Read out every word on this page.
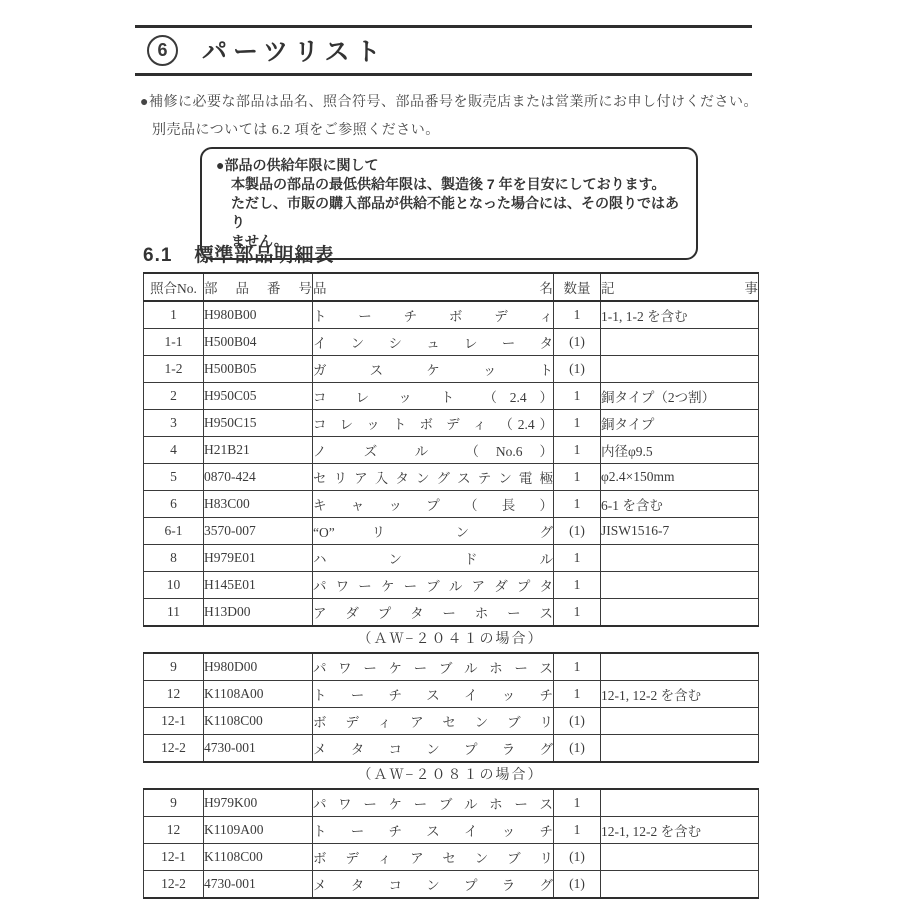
6	パーツリスト
●補修に必要な部品は品名、照合符号、部品番号を販売店または営業所にお申し付けください。
別売品については 6.2 項をご参照ください。
●部品の供給年限に関して
本製品の部品の最低供給年限は、製造後 7 年を目安にしております。
ただし、市販の購入部品が供給不能となった場合には、その限りではあり
ません。
6.1 標準部品明細表
照合No.	部 品 番 号	品 名	数量	記 事
1	H980B00	ト ー チ ボ デ ィ	1	1-1, 1-2 を含む
1-1	H500B04	イ ン シ ュ レ ー タ	(1)	
1-2	H500B05	ガ ス ケ ッ ト	(1)	
2	H950C05	コ レ ッ ト （2.4）	1	銅タイプ（2つ割）
3	H950C15	コ レ ッ ト ボ デ ィ （2.4）	1	銅タイプ
4	H21B21	ノ ズ ル （No.6）	1	内径φ9.5
5	0870-424	セ リ ア 入 タ ン グ ス テ ン 電 極	1	φ2.4×150mm
6	H83C00	キ ャ ッ プ （ 長 ）	1	6-1 を含む
6-1	3570-007	“O” リ ン グ	(1)	JISW1516-7
8	H979E01	ハ ン ド ル	1	
10	H145E01	パ ワ ー ケ ー ブ ル ア ダ プ タ	1	
11	H13D00	ア ダ プ タ ー ホ ー ス	1	
（ＡＷ−２０４１の場合）
9	H980D00	パ ワ ー ケ ー ブ ル ホ ー ス	1	
12	K1108A00	ト ー チ ス イ ッ チ	1	12-1, 12-2 を含む
12-1	K1108C00	ボ デ ィ ア セ ン ブ リ	(1)	
12-2	4730-001	メ タ コ ン プ ラ グ	(1)	
（ＡＷ−２０８１の場合）
9	H979K00	パ ワ ー ケ ー ブ ル ホ ー ス	1	
12	K1109A00	ト ー チ ス イ ッ チ	1	12-1, 12-2 を含む
12-1	K1108C00	ボ デ ィ ア セ ン ブ リ	(1)	
12-2	4730-001	メ タ コ ン プ ラ グ	(1)	
